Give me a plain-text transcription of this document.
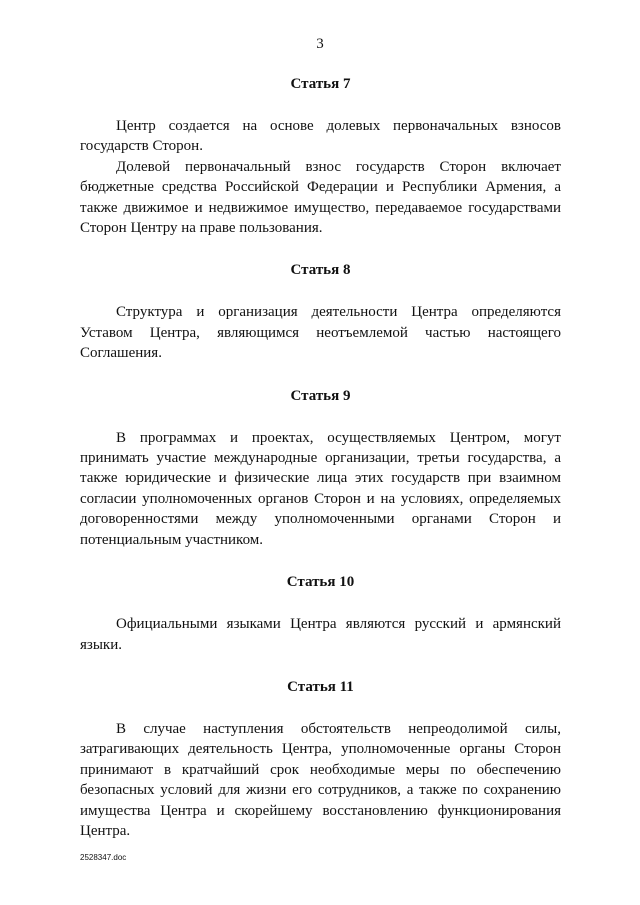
3
Статья 7

Центр создается на основе долевых первоначальных взносов государств Сторон.

Долевой первоначальный взнос государств Сторон включает бюджетные средства Российской Федерации и Республики Армения, а также движимое и недвижимое имущество, передаваемое государствами Сторон Центру на праве пользования.

Статья 8

Структура и организация деятельности Центра определяются Уставом Центра, являющимся неотъемлемой частью настоящего Соглашения.

Статья 9

В программах и проектах, осуществляемых Центром, могут принимать участие международные организации, третьи государства, а также юридические и физические лица этих государств при взаимном согласии уполномоченных органов Сторон и на условиях, определяемых договоренностями между уполномоченными органами Сторон и потенциальным участником.

Статья 10

Официальными языками Центра являются русский и армянский языки.

Статья 11

В случае наступления обстоятельств непреодолимой силы, затрагивающих деятельность Центра, уполномоченные органы Сторон принимают в кратчайший срок необходимые меры по обеспечению безопасных условий для жизни его сотрудников, а также по сохранению имущества Центра и скорейшему восстановлению функционирования Центра.

2528347.doc
